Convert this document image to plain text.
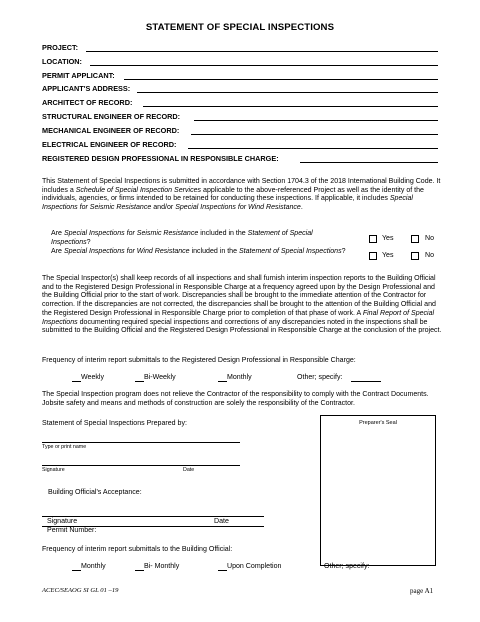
STATEMENT OF SPECIAL INSPECTIONS
PROJECT:
LOCATION:
PERMIT APPLICANT:
APPLICANT'S ADDRESS:
ARCHITECT OF RECORD:
STRUCTURAL ENGINEER OF RECORD:
MECHANICAL ENGINEER OF RECORD:
ELECTRICAL ENGINEER OF RECORD:
REGISTERED DESIGN PROFESSIONAL IN RESPONSIBLE CHARGE:
This Statement of Special Inspections is submitted in accordance with Section 1704.3 of the 2018 International Building Code. It includes a Schedule of Special Inspection Services applicable to the above-referenced Project as well as the identity of the individuals, agencies, or firms intended to be retained for conducting these inspections. If applicable, it includes Special Inspections for Seismic Resistance and/or Special Inspections for Wind Resistance.
Are Special Inspections for Seismic Resistance included in the Statement of Special Inspections?
Yes	No
Are Special Inspections for Wind Resistance included in the Statement of Special Inspections?
Yes	No
The Special Inspector(s) shall keep records of all inspections and shall furnish interim inspection reports to the Building Official and to the Registered Design Professional in Responsible Charge at a frequency agreed upon by the Design Professional and the Building Official prior to the start of work. Discrepancies shall be brought to the immediate attention of the Contractor for correction. If the discrepancies are not corrected, the discrepancies shall be brought to the attention of the Building Official and the Registered Design Professional in Responsible Charge prior to completion of that phase of work. A Final Report of Special Inspections documenting required special inspections and corrections of any discrepancies noted in the inspections shall be submitted to the Building Official and the Registered Design Professional in Responsible Charge at the conclusion of the project.
Frequency of interim report submittals to the Registered Design Professional in Responsible Charge:
Weekly	Bi-Weekly	Monthly	Other; specify:
The Special Inspection program does not relieve the Contractor of the responsibility to comply with the Contract Documents. Jobsite safety and means and methods of construction are solely the responsibility of the Contractor.
Statement of Special Inspections Prepared by:
Type or print name
Signature	Date
Preparer's Seal
Building Official's Acceptance:
Signature	Date
Permit Number:
Frequency of interim report submittals to the Building Official:
Monthly	Bi- Monthly	Upon Completion	Other; specify:
ACEC/SEAOG SI GL 01 –19	page A1
